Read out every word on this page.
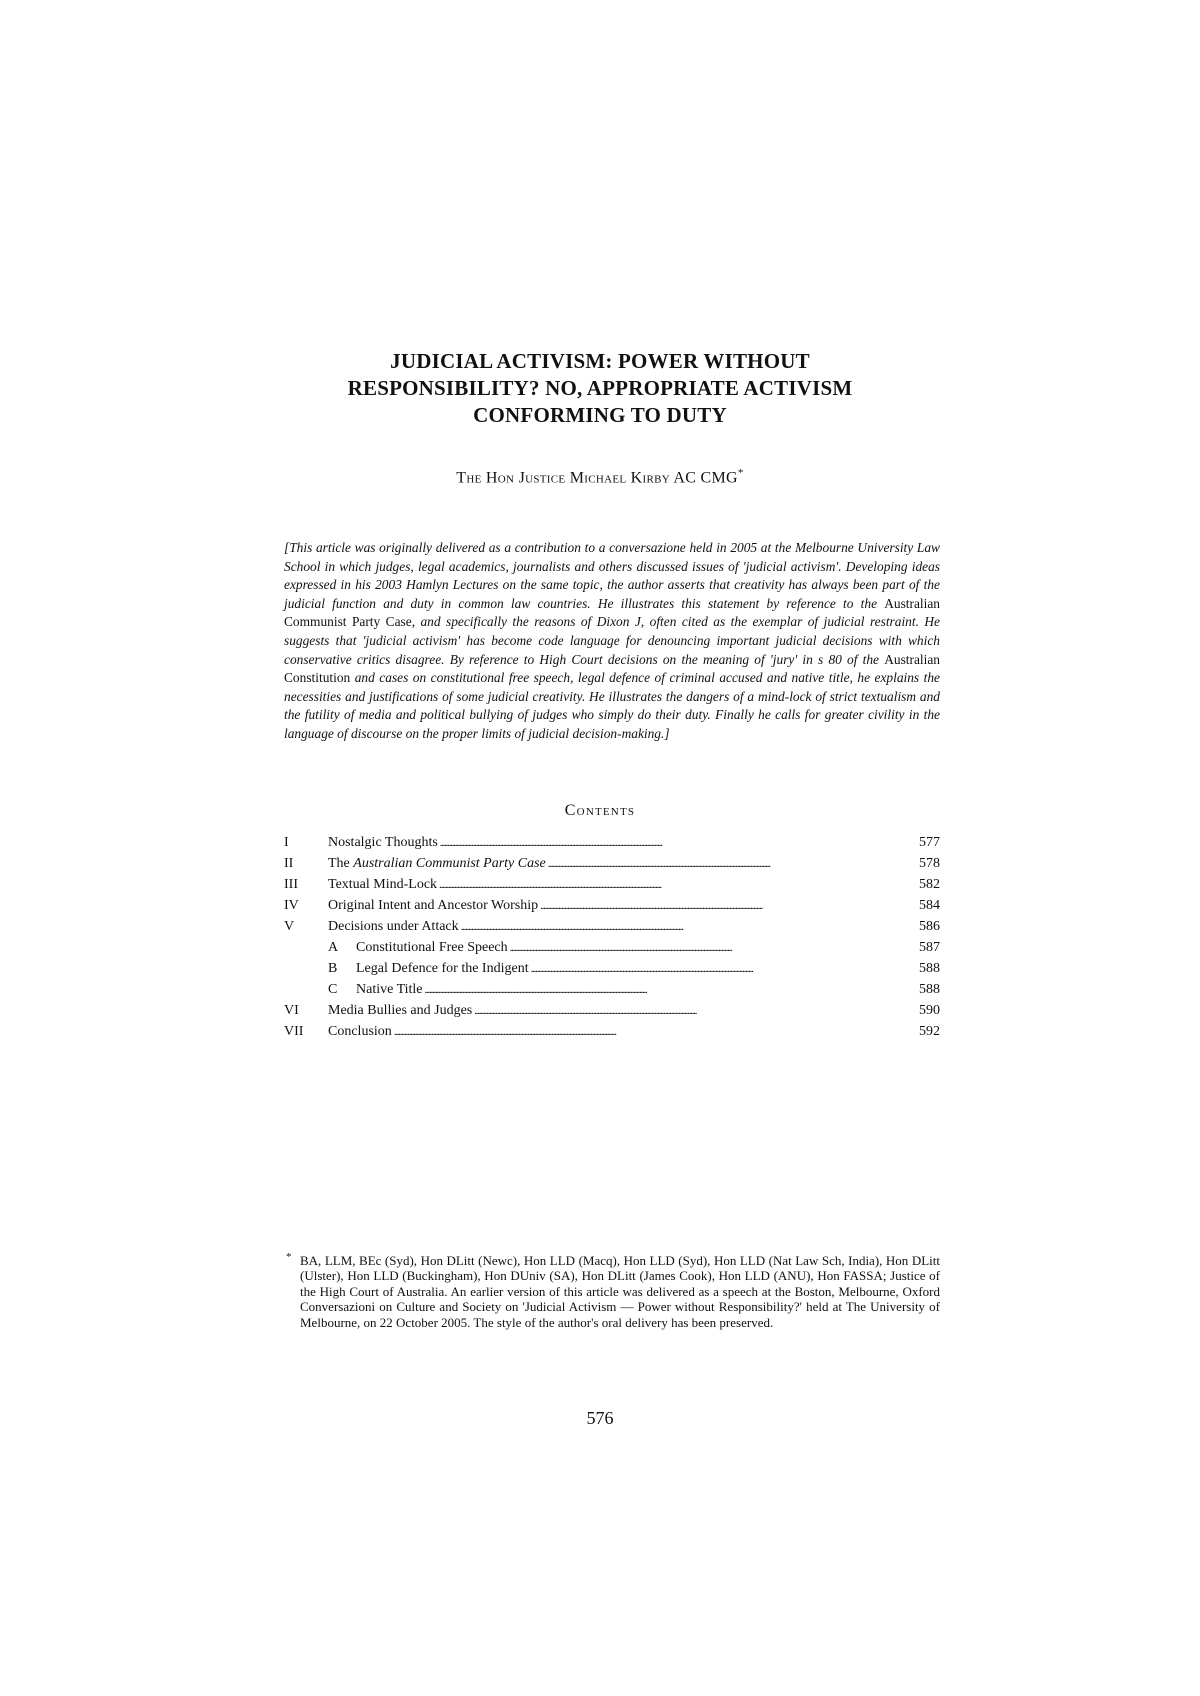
JUDICIAL ACTIVISM: POWER WITHOUT
RESPONSIBILITY? NO, APPROPRIATE ACTIVISM
CONFORMING TO DUTY
The Hon Justice Michael Kirby AC CMG*
[This article was originally delivered as a contribution to a conversazione held in 2005 at the Melbourne University Law School in which judges, legal academics, journalists and others discussed issues of 'judicial activism'. Developing ideas expressed in his 2003 Hamlyn Lectures on the same topic, the author asserts that creativity has always been part of the judicial function and duty in common law countries. He illustrates this statement by reference to the Australian Communist Party Case, and specifically the reasons of Dixon J, often cited as the exemplar of judicial restraint. He suggests that 'judicial activism' has become code language for denouncing important judicial decisions with which conservative critics disagree. By reference to High Court decisions on the meaning of 'jury' in s 80 of the Australian Constitution and cases on constitutional free speech, legal defence of criminal accused and native title, he explains the necessities and justifications of some judicial creativity. He illustrates the dangers of a mind-lock of strict textualism and the futility of media and political bullying of judges who simply do their duty. Finally he calls for greater civility in the language of discourse on the proper limits of judicial decision-making.]
Contents
I	Nostalgic Thoughts . . .	577
II	The Australian Communist Party Case . . .	578
III	Textual Mind-Lock . . .	582
IV	Original Intent and Ancestor Worship . . .	584
V	Decisions under Attack . . .	586
A	Constitutional Free Speech . . .	587
B	Legal Defence for the Indigent . . .	588
C	Native Title . . .	588
VI	Media Bullies and Judges . . .	590
VII	Conclusion . . .	592
* BA, LLM, BEc (Syd), Hon DLitt (Newc), Hon LLD (Macq), Hon LLD (Syd), Hon LLD (Nat Law Sch, India), Hon DLitt (Ulster), Hon LLD (Buckingham), Hon DUniv (SA), Hon DLitt (James Cook), Hon LLD (ANU), Hon FASSA; Justice of the High Court of Australia. An earlier version of this article was delivered as a speech at the Boston, Melbourne, Oxford Conversazioni on Culture and Society on 'Judicial Activism — Power without Responsibility?' held at The University of Melbourne, on 22 October 2005. The style of the author's oral delivery has been preserved.
576
